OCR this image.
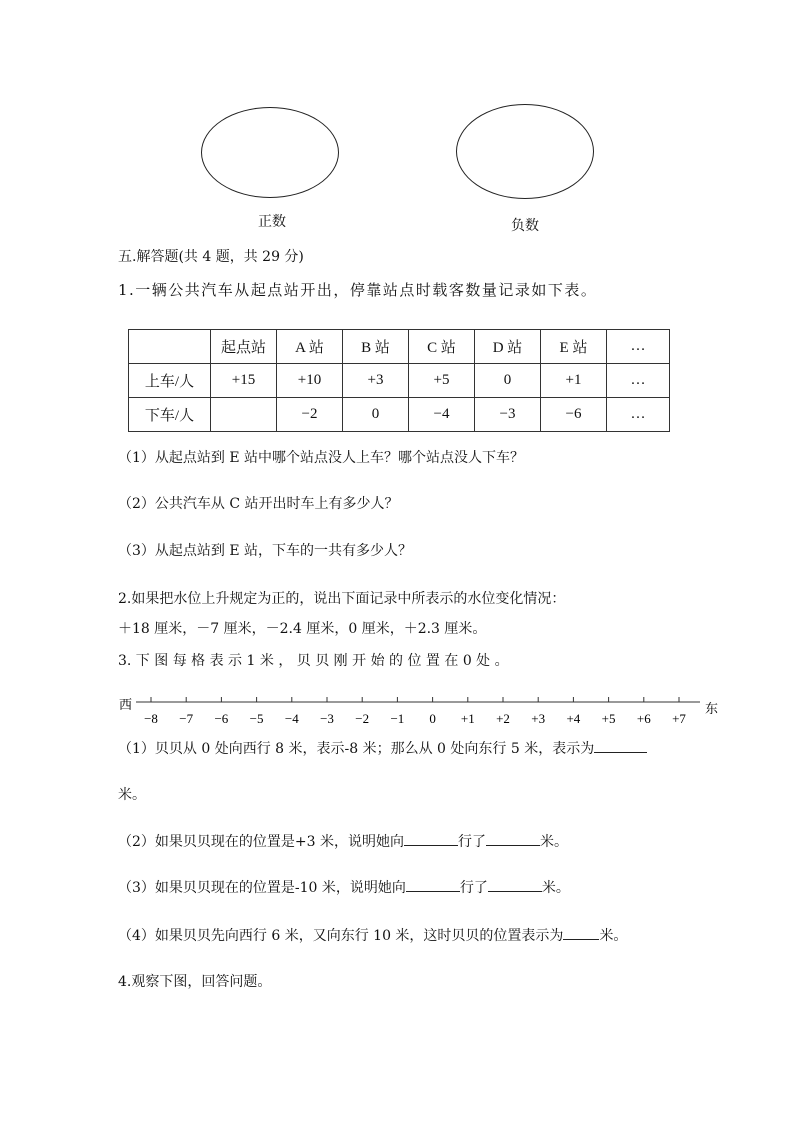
正数	负数
五.解答题(共 4 题，共 29 分)
1.一辆公共汽车从起点站开出，停靠站点时载客数量记录如下表。
	起点站	A 站	B 站	C 站	D 站	E 站	…
上车/人	+15	+10	+3	+5	0	+1	…
下车/人		−2	0	−4	−3	−6	…
（1）从起点站到 E 站中哪个站点没人上车？哪个站点没人下车？
（2）公共汽车从 C 站开出时车上有多少人？
（3）从起点站到 E 站，下车的一共有多少人？
2.如果把水位上升规定为正的，说出下面记录中所表示的水位变化情况：
＋18 厘米，－7 厘米，－2.4 厘米，0 厘米，＋2.3 厘米。
3. 下 图 每 格 表 示 1 米 ， 贝 贝 刚 开 始 的 位 置 在 0 处 。
西	东
−8 −7 −6 −5 −4 −3 −2 −1 0 +1 +2 +3 +4 +5 +6 +7
（1）贝贝从 0 处向西行 8 米，表示-8 米；那么从 0 处向东行 5 米，表示为
米。
（2）如果贝贝现在的位置是+3 米，说明她向	行了	米。
（3）如果贝贝现在的位置是-10 米，说明她向	行了	米。
（4）如果贝贝先向西行 6 米，又向东行 10 米，这时贝贝的位置表示为	米。
4.观察下图，回答问题。
